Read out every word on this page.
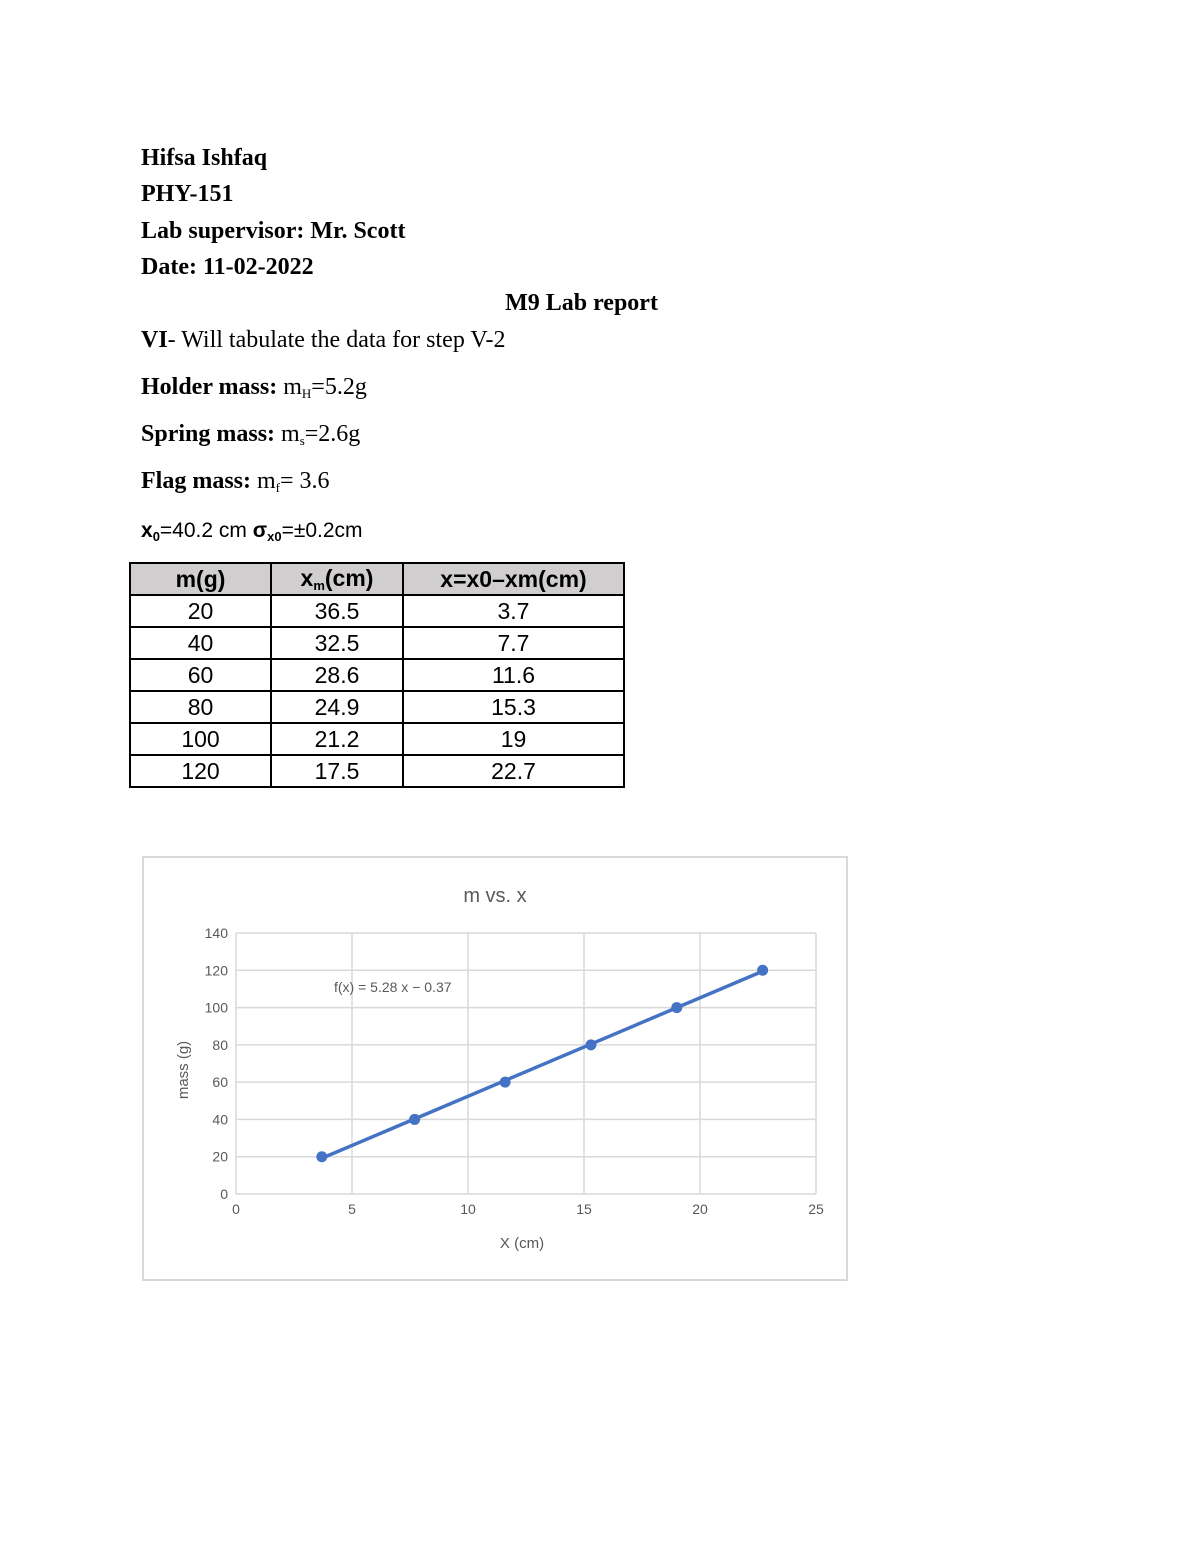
Hifsa Ishfaq
PHY-151
Lab supervisor: Mr. Scott
Date: 11-02-2022
M9 Lab report
VI- Will tabulate the data for step V-2
Holder mass: $m_H=5.2g$
Spring mass: $m_s=2.6g$
Flag mass: $m_f= 3.6$
$x_0=40.2$ cm $\sigma_{x0}=\pm 0.2cm$
m(g)	$x_m(cm)$	x=x0–xm(cm)
20	36.5	3.7
40	32.5	7.7
60	28.6	11.6
80	24.9	15.3
100	21.2	19
120	17.5	22.7
m vs. x
X (cm)
mass (g)
0
20
40
60
80
100
120
140
0	5	10	15	20	25
f(x) = 5.28 x − 0.37
